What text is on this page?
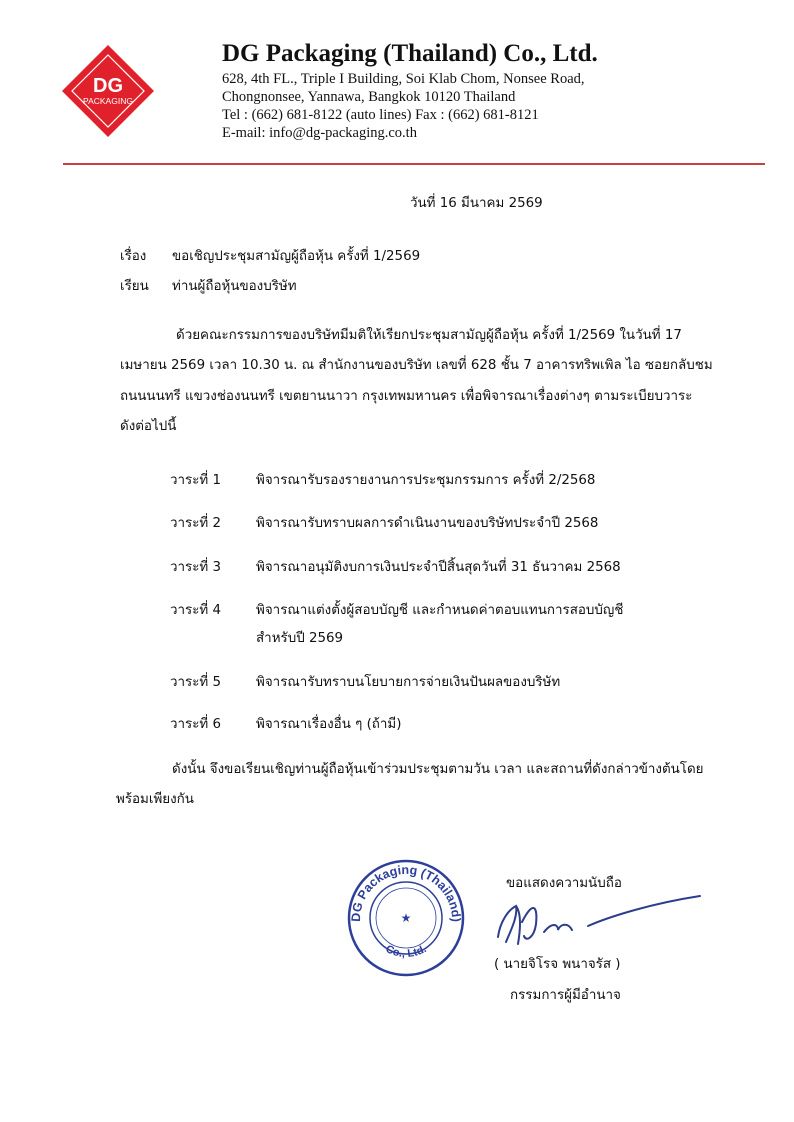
DG
PACKAGING
DG Packaging (Thailand) Co., Ltd.
628, 4th FL., Triple I Building, Soi Klab Chom, Nonsee Road,
Chongnonsee, Yannawa, Bangkok 10120 Thailand
Tel : (662) 681-8122 (auto lines) Fax : (662) 681-8121
E-mail: info@dg-packaging.co.th
วันที่ 16 มีนาคม 2569
เรื่อง ขอเชิญประชุมสามัญผู้ถือหุ้น ครั้งที่ 1/2569
เรียน ท่านผู้ถือหุ้นของบริษัท
ด้วยคณะกรรมการของบริษัทมีมติให้เรียกประชุมสามัญผู้ถือหุ้น ครั้งที่ 1/2569 ในวันที่ 17
เมษายน 2569 เวลา 10.30 น. ณ สำนักงานของบริษัท เลขที่ 628 ชั้น 7 อาคารทริพเพิล ไอ ซอยกลับชม
ถนนนนทรี แขวงช่องนนทรี เขตยานนาวา กรุงเทพมหานคร เพื่อพิจารณาเรื่องต่างๆ ตามระเบียบวาระ
ดังต่อไปนี้
วาระที่ 1	พิจารณารับรองรายงานการประชุมกรรมการ ครั้งที่ 2/2568
วาระที่ 2	พิจารณารับทราบผลการดำเนินงานของบริษัทประจำปี 2568
วาระที่ 3	พิจารณาอนุมัติงบการเงินประจำปีสิ้นสุดวันที่ 31 ธันวาคม 2568
วาระที่ 4	พิจารณาแต่งตั้งผู้สอบบัญชี และกำหนดค่าตอบแทนการสอบบัญชี
สำหรับปี 2569
วาระที่ 5	พิจารณารับทราบนโยบายการจ่ายเงินปันผลของบริษัท
วาระที่ 6	พิจารณาเรื่องอื่น ๆ (ถ้ามี)
ดังนั้น จึงขอเรียนเชิญท่านผู้ถือหุ้นเข้าร่วมประชุมตามวัน เวลา และสถานที่ดังกล่าวข้างต้นโดย
พร้อมเพียงกัน
DG Packaging (Thailand)
Co., Ltd.
★
ขอแสดงความนับถือ
( นายจิโรจ พนาจรัส )
กรรมการผู้มีอำนาจ
